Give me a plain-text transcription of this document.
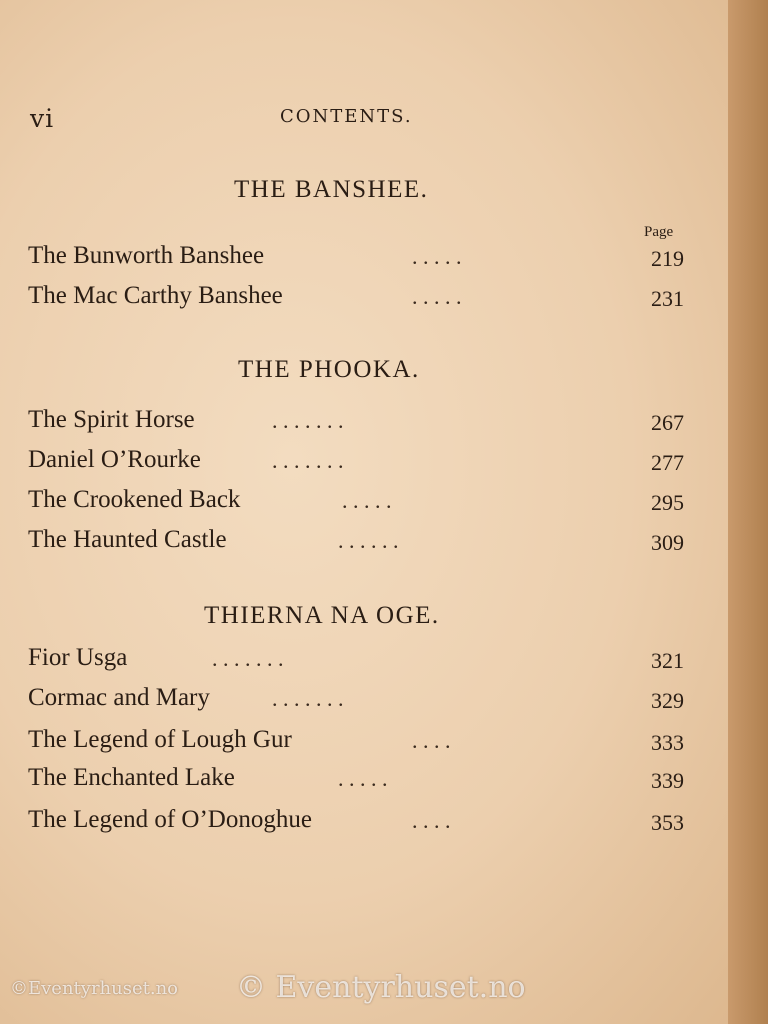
vi	CONTENTS.
THE BANSHEE.
Page
The Bunworth Banshee	. . . . .	219
The Mac Carthy Banshee	. . . . .	231
THE PHOOKA.
The Spirit Horse	. . . . . . .	267
Daniel O’Rourke	. . . . . . .	277
The Crookened Back	. . . . .	295
The Haunted Castle	. . . . . .	309
THIERNA NA OGE.
Fior Usga	. . . . . . .	321
Cormac and Mary	. . . . . . .	329
The Legend of Lough Gur	. . . .	333
The Enchanted Lake	. . . . .	339
The Legend of O’Donoghue	. . . .	353
©Eventyrhuset.no © Eventyrhuset.no
